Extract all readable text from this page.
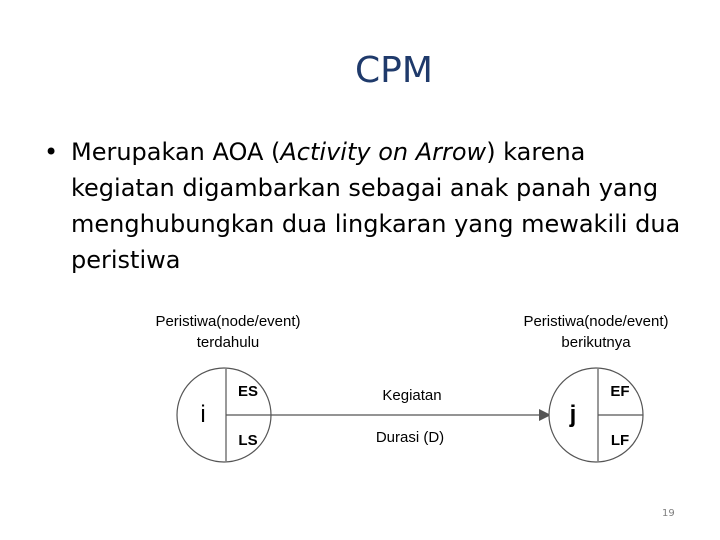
CPM
• Merupakan AOA (Activity on Arrow) karena kegiatan digambarkan sebagai anak panah yang menghubungkan dua lingkaran yang mewakili dua peristiwa
Peristiwa(node/event)
terdahulu
Peristiwa(node/event)
berikutnya
i
ES
LS
Kegiatan
Durasi (D)
j
EF
LF
19
